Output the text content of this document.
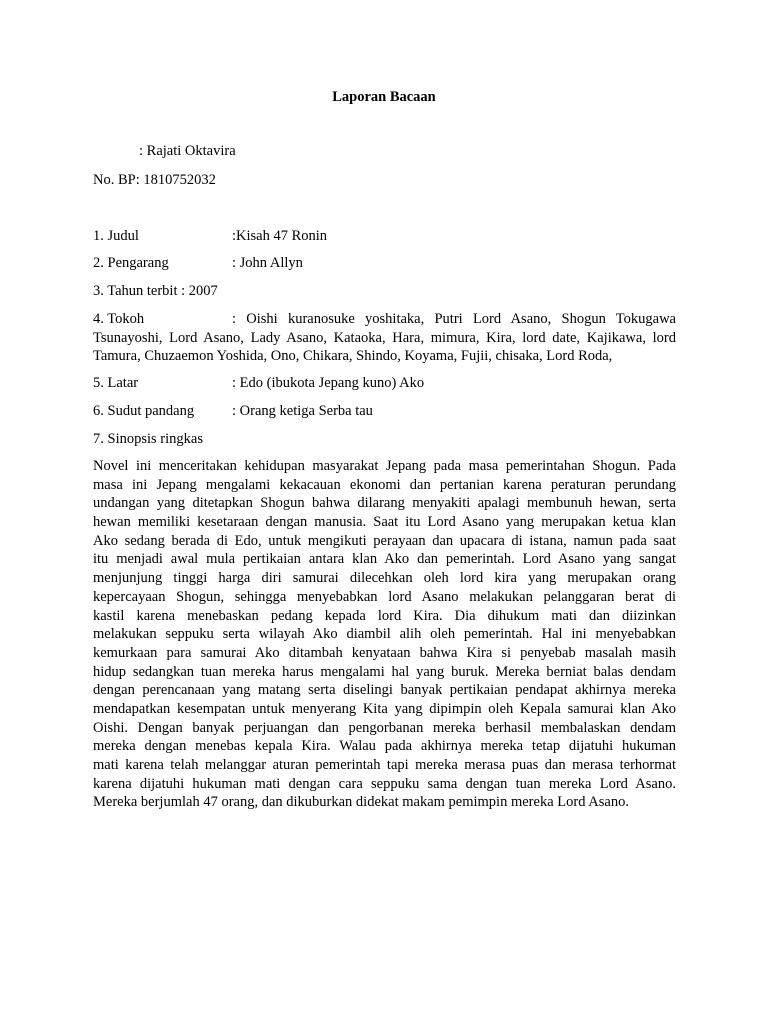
Laporan Bacaan
: Rajati Oktavira
No. BP: 1810752032
1. Judul	:Kisah 47 Ronin
2. Pengarang	: John Allyn
3. Tahun terbit : 2007
4. Tokoh	: Oishi kuranosuke yoshitaka, Putri Lord Asano, Shogun Tokugawa
Tsunayoshi, Lord Asano, Lady Asano, Kataoka, Hara, mimura, Kira, lord date, Kajikawa, lord
Tamura, Chuzaemon Yoshida, Ono, Chikara, Shindo, Koyama, Fujii, chisaka, Lord Roda,
5. Latar	: Edo (ibukota Jepang kuno) Ako
6. Sudut pandang	: Orang ketiga Serba tau
7. Sinopsis ringkas
Novel ini menceritakan kehidupan masyarakat Jepang pada masa pemerintahan Shogun. Pada
masa ini Jepang mengalami kekacauan ekonomi dan pertanian karena peraturan perundang
undangan yang ditetapkan Shogun bahwa dilarang menyakiti apalagi membunuh hewan, serta
hewan memiliki kesetaraan dengan manusia. Saat itu Lord Asano yang merupakan ketua klan
Ako sedang berada di Edo, untuk mengikuti perayaan dan upacara di istana, namun pada saat
itu menjadi awal mula pertikaian antara klan Ako dan pemerintah. Lord Asano yang sangat
menjunjung tinggi harga diri samurai dilecehkan oleh lord kira yang merupakan orang
kepercayaan Shogun, sehingga menyebabkan lord Asano melakukan pelanggaran berat di
kastil karena menebaskan pedang kepada lord Kira. Dia dihukum mati dan diizinkan
melakukan seppuku serta wilayah Ako diambil alih oleh pemerintah. Hal ini menyebabkan
kemurkaan para samurai Ako ditambah kenyataan bahwa Kira si penyebab masalah masih
hidup sedangkan tuan mereka harus mengalami hal yang buruk. Mereka berniat balas dendam
dengan perencanaan yang matang serta diselingi banyak pertikaian pendapat akhirnya mereka
mendapatkan kesempatan untuk menyerang Kita yang dipimpin oleh Kepala samurai klan Ako
Oishi. Dengan banyak perjuangan dan pengorbanan mereka berhasil membalaskan dendam
mereka dengan menebas kepala Kira. Walau pada akhirnya mereka tetap dijatuhi hukuman
mati karena telah melanggar aturan pemerintah tapi mereka merasa puas dan merasa terhormat
karena dijatuhi hukuman mati dengan cara seppuku sama dengan tuan mereka Lord Asano.
Mereka berjumlah 47 orang, dan dikuburkan didekat makam pemimpin mereka Lord Asano.
